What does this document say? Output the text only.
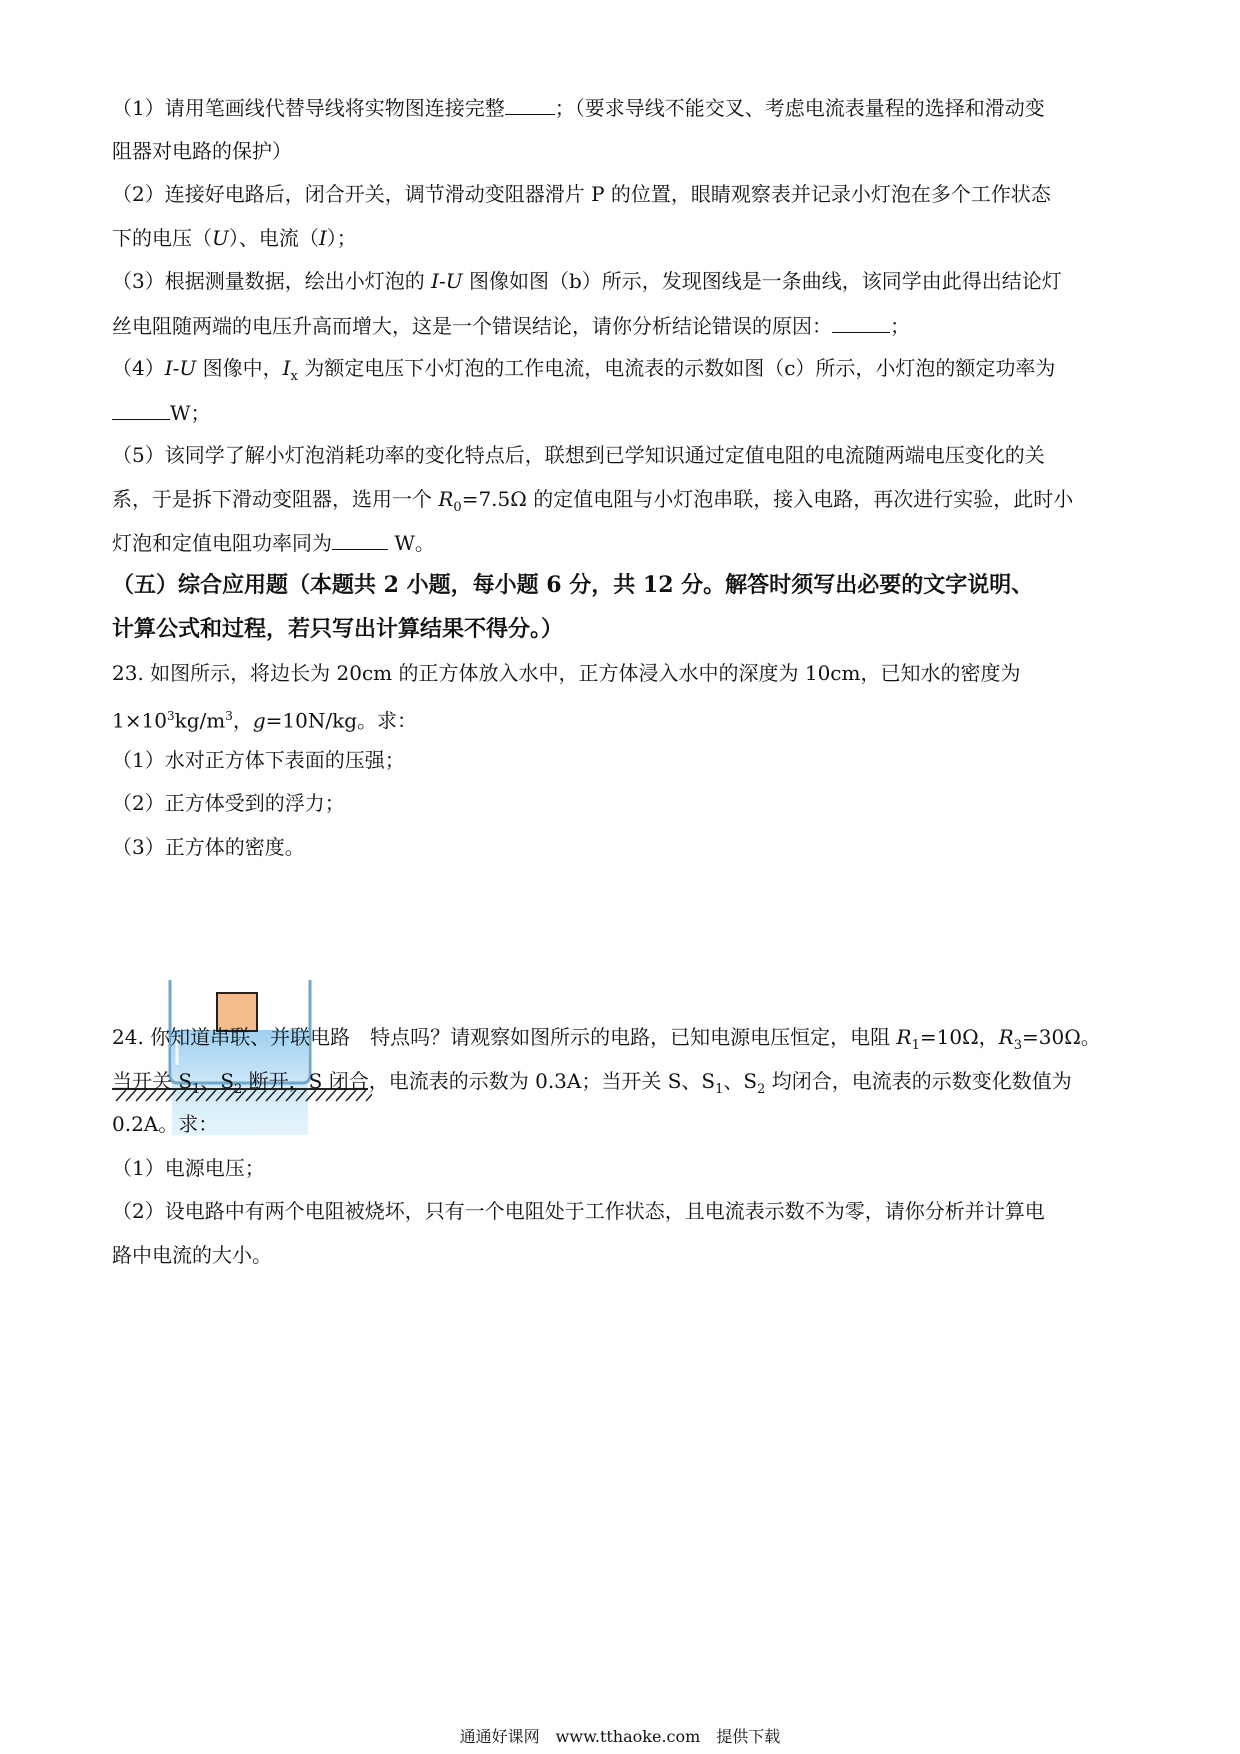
（1）请用笔画线代替导线将实物图连接完整	；（要求导线不能交叉、考虑电流表量程的选择和滑动变
阻器对电路的保护）
（2）连接好电路后，闭合开关，调节滑动变阻器滑片 P 的位置，眼睛观察表并记录小灯泡在多个工作状态
下的电压（U）、电流（I）；
（3）根据测量数据，绘出小灯泡的 I-U 图像如图（b）所示，发现图线是一条曲线，该同学由此得出结论灯
丝电阻随两端的电压升高而增大，这是一个错误结论，请你分析结论错误的原因：	；
（4）I-U 图像中，$I_x$ 为额定电压下小灯泡的工作电流，电流表的示数如图（c）所示，小灯泡的额定功率为
W；
（5）该同学了解小灯泡消耗功率的变化特点后，联想到已学知识通过定值电阻的电流随两端电压变化的关
系，于是拆下滑动变阻器，选用一个 $R_0=7.5\Omega$ 的定值电阻与小灯泡串联，接入电路，再次进行实验，此时小
灯泡和定值电阻功率同为	W。
（五）综合应用题（本题共 2 小题，每小题 6 分，共 12 分。解答时须写出必要的文字说明、
计算公式和过程，若只写出计算结果不得分。）
23. 如图所示，将边长为 20cm 的正方体放入水中，正方体浸入水中的深度为 10cm，已知水的密度为
$1\times 10^3kg/m^3$，g=10N/kg。求：
（1）水对正方体下表面的压强；
（2）正方体受到的浮力；
（3）正方体的密度。
24. 你知道串联、并联电路　特点吗？请观察如图所示的电路，已知电源电压恒定，电阻 $R_1=10\Omega$，$R_3=30\Omega$。
当开关 $S_1$、$S_2$ 断开，S 闭合，电流表的示数为 0.3A；当开关 S、$S_1$、$S_2$ 均闭合，电流表的示数变化数值为
0.2A。求：
（1）电源电压；
（2）设电路中有两个电阻被烧坏，只有一个电阻处于工作状态，且电流表示数不为零，请你分析并计算电
路中电流的大小。
通通好课网　www.tthaoke.com　提供下载
